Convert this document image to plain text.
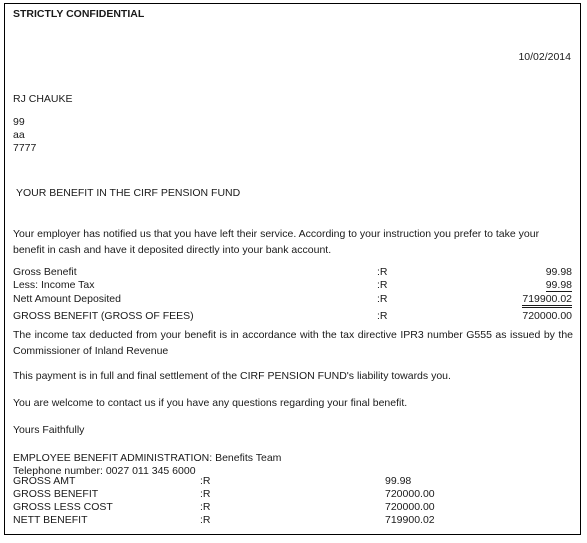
STRICTLY CONFIDENTIAL
10/02/2014
RJ CHAUKE
99
aa
7777
YOUR BENEFIT IN THE CIRF PENSION FUND
Your employer has notified us that you have left their service. According to your instruction you prefer to take your benefit in cash and have it deposited directly into your bank account.
Gross Benefit	:R	99.98
Less: Income Tax	:R	99.98
Nett Amount Deposited	:R	719900.02
GROSS BENEFIT (GROSS OF FEES)	:R	720000.00
The income tax deducted from your benefit is in accordance with the tax directive IPR3 number G555 as issued by the Commissioner of Inland Revenue
This payment is in full and final settlement of the CIRF PENSION FUND's liability towards you.
You are welcome to contact us if you have any questions regarding your final benefit.
Yours Faithfully
EMPLOYEE BENEFIT ADMINISTRATION: Benefits Team
Telephone number: 0027 011 345 6000
GROSS AMT	:R	99.98
GROSS BENEFIT	:R	720000.00
GROSS LESS COST	:R	720000.00
NETT BENEFIT	:R	719900.02
